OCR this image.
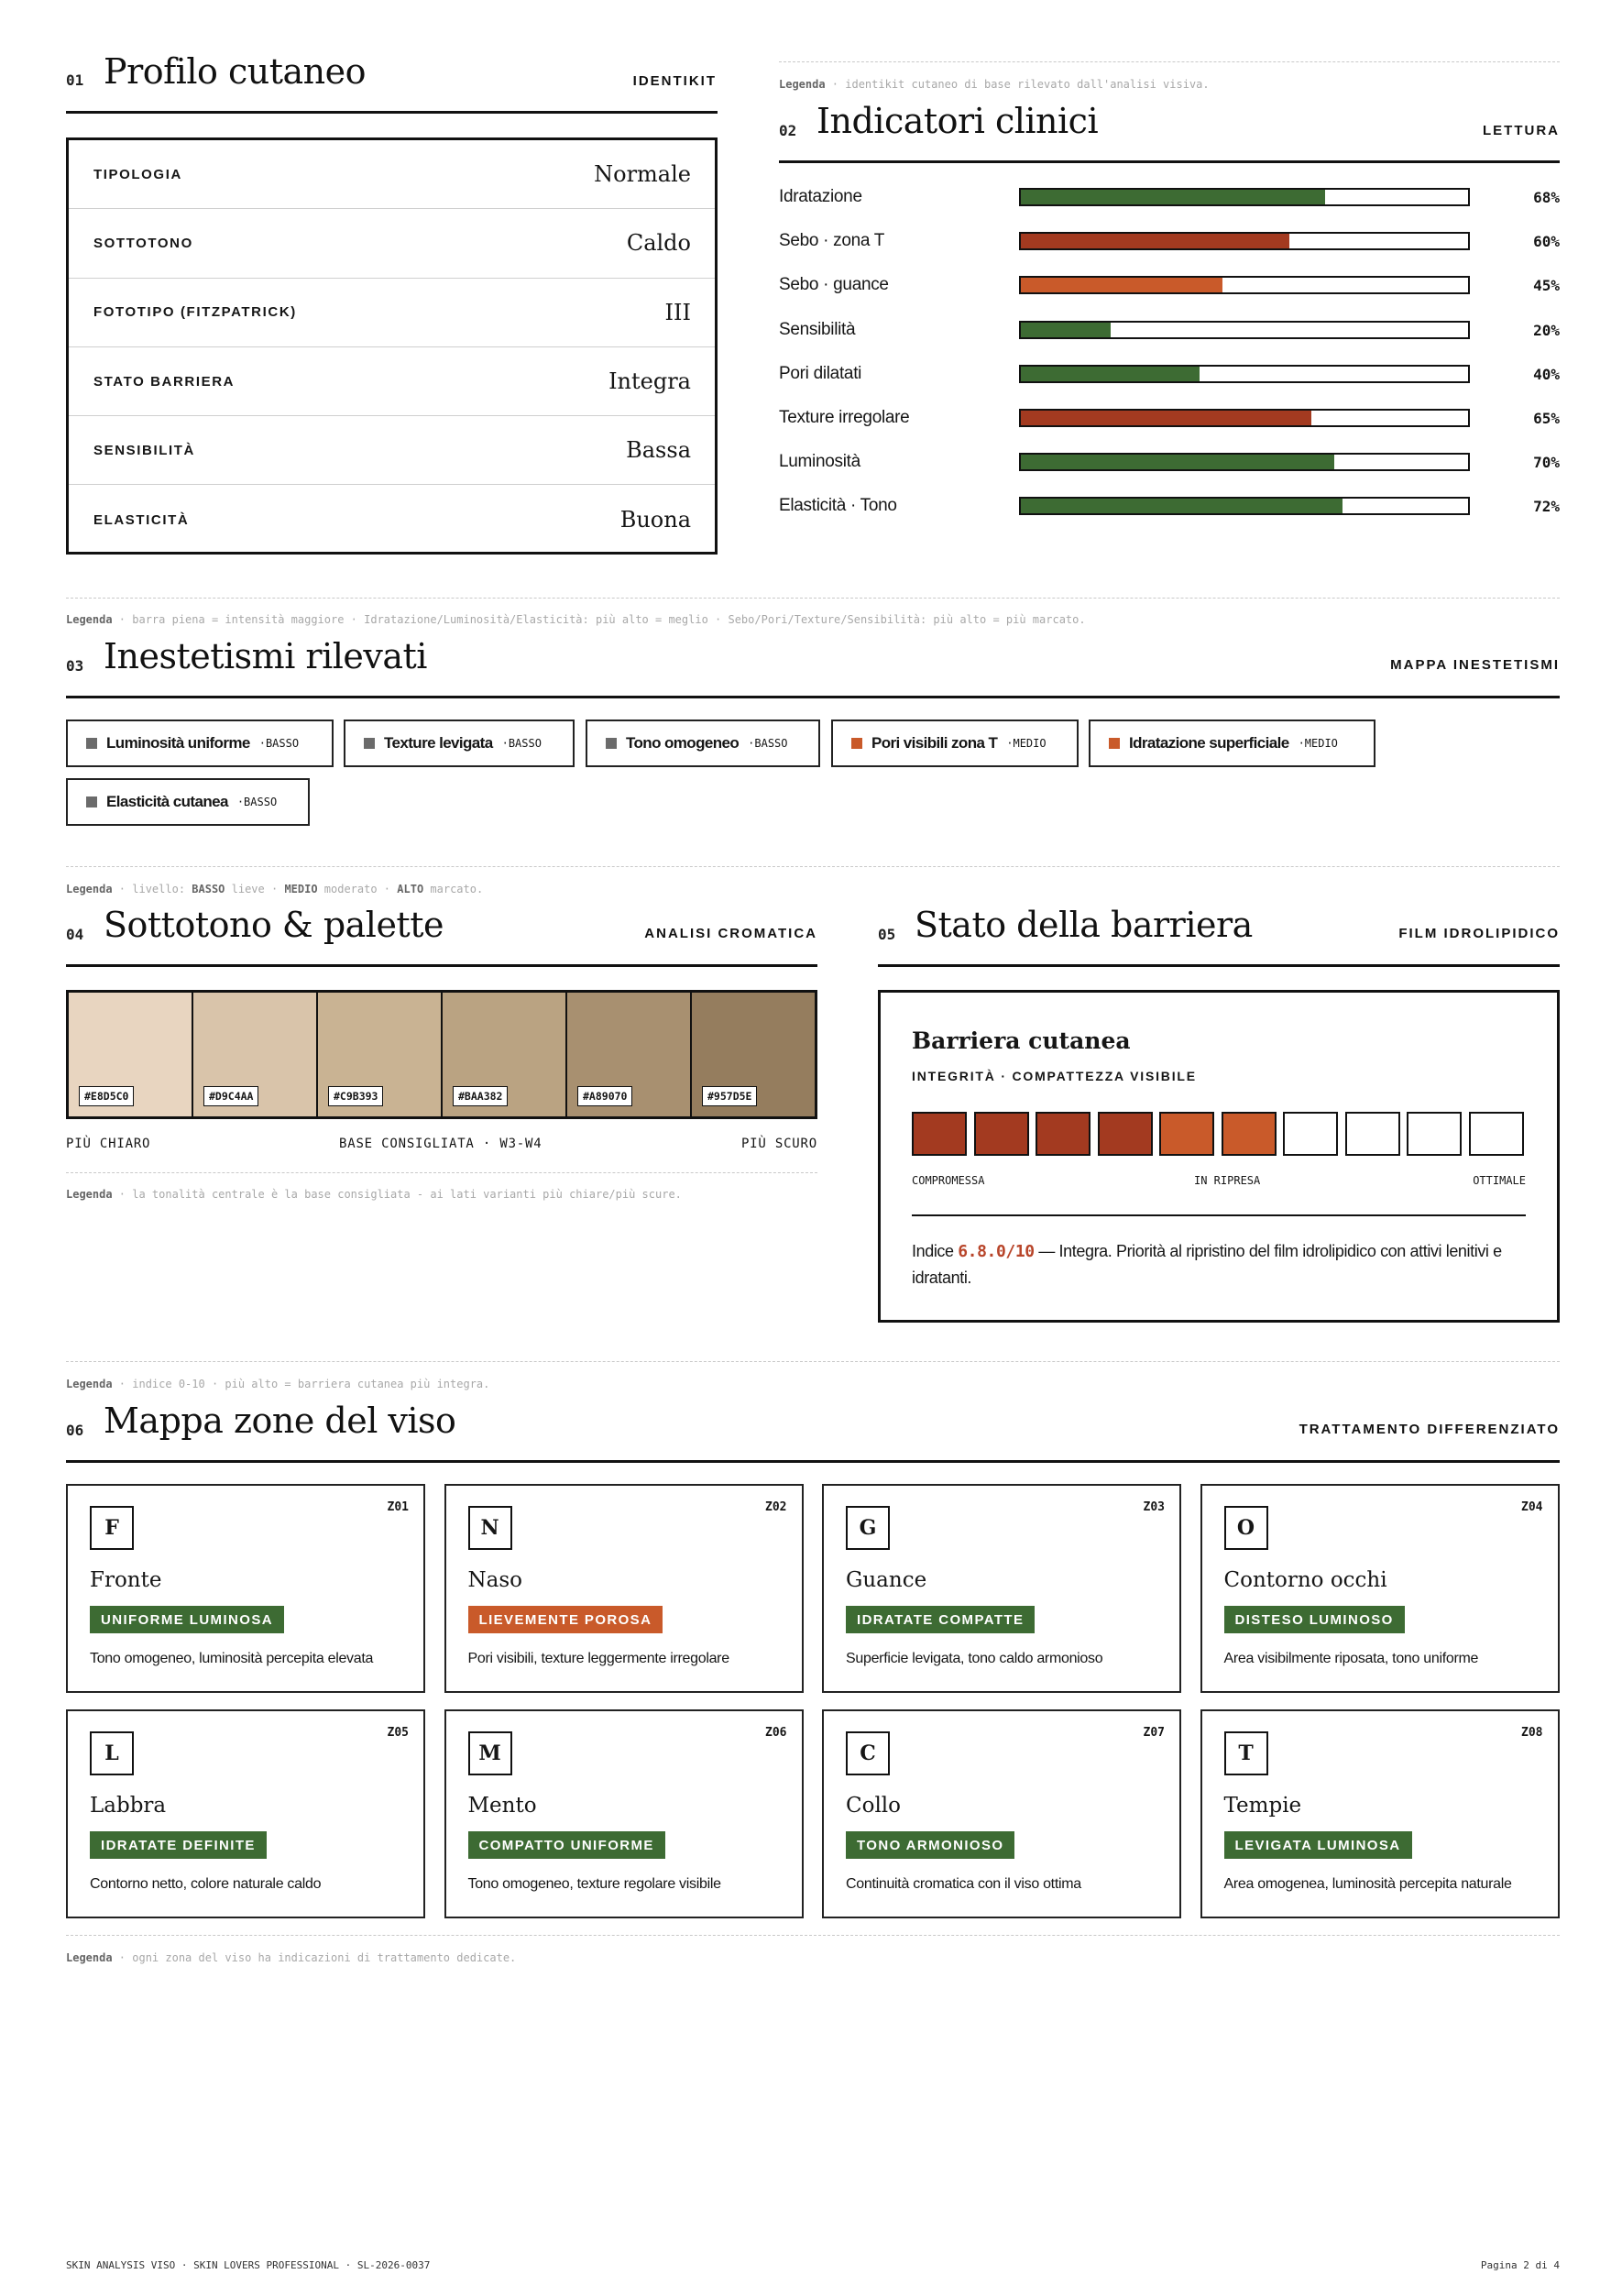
01 Profilo cutaneo	IDENTIKIT
TIPOLOGIA	Normale
SOTTOTONO	Caldo
FOTOTIPO (FITZPATRICK)	III
STATO BARRIERA	Integra
SENSIBILITÀ	Bassa
ELASTICITÀ	Buona
Legenda · identikit cutaneo di base rilevato dall'analisi visiva.
02 Indicatori clinici	LETTURA
Legenda · barra piena = intensità maggiore · Idratazione/Luminosità/Elasticità: più alto = meglio · Sebo/Pori/Texture/Sensibilità: più alto = più marcato.
03 Inestetismi rilevati	MAPPA INESTETISMI
Legenda · livello: BASSO lieve · MEDIO moderato · ALTO marcato.
04 Sottotono & palette	ANALISI CROMATICA
#E8D5C0	#D9C4AA	#C9B393	#BAA382	#A89070	#957D5E
PIÙ CHIARO	BASE CONSIGLIATA · W3-W4	PIÙ SCURO
Legenda · la tonalità centrale è la base consigliata - ai lati varianti più chiare/più scure.
05 Stato della barriera	FILM IDROLIPIDICO
Barriera cutanea
INTEGRITÀ · COMPATTEZZA VISIBILE
COMPROMESSA	IN RIPRESA	OTTIMALE
Indice 6.8.0/10 — Integra. Priorità al ripristino del film idrolipidico con attivi lenitivi e idratanti.
Legenda · indice 0-10 · più alto = barriera cutanea più integra.
06 Mappa zone del viso	TRATTAMENTO DIFFERENZIATO
Legenda · ogni zona del viso ha indicazioni di trattamento dedicate.
SKIN ANALYSIS VISO · SKIN LOVERS PROFESSIONAL · SL-2026-0037	Pagina 2 di 4
Idratazione	68%
Sebo · zona T	60%
Sebo · guance	45%
Sensibilità	20%
Pori dilatati	40%
Texture irregolare	65%
Luminosità	70%
Elasticità · Tono	72%
Luminosità uniforme ·BASSO	Texture levigata ·BASSO	Tono omogeneo ·BASSO	Pori visibili zona T ·MEDIO	Idratazione superficiale ·MEDIO
Elasticità cutanea ·BASSO
F
Z01
Fronte
UNIFORME LUMINOSA
Tono omogeneo, luminosità percepita elevata
N
Z02
Naso
LIEVEMENTE POROSA
Pori visibili, texture leggermente irregolare
G
Z03
Guance
IDRATATE COMPATTE
Superficie levigata, tono caldo armonioso
O
Z04
Contorno occhi
DISTESO LUMINOSO
Area visibilmente riposata, tono uniforme
L
Z05
Labbra
IDRATATE DEFINITE
Contorno netto, colore naturale caldo
M
Z06
Mento
COMPATTO UNIFORME
Tono omogeneo, texture regolare visibile
C
Z07
Collo
TONO ARMONIOSO
Continuità cromatica con il viso ottima
T
Z08
Tempie
LEVIGATA LUMINOSA
Area omogenea, luminosità percepita naturale
